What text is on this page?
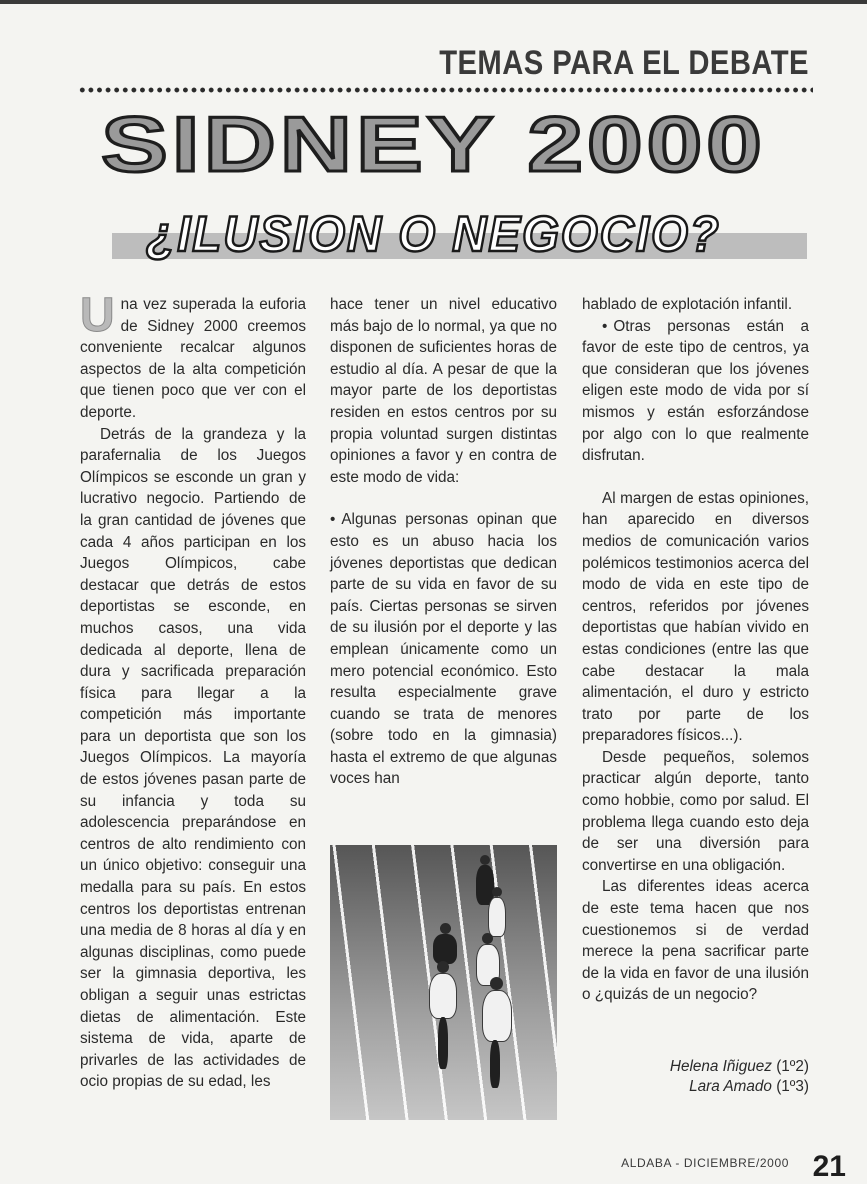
TEMAS PARA EL DEBATE
SIDNEY 2000
¿ILUSION O NEGOCIO?

Una vez superada la euforia de Sidney 2000 creemos conveniente recalcar algunos aspectos de la alta competición que tienen poco que ver con el deporte.

Detrás de la grandeza y la parafernalia de los Juegos Olímpicos se esconde un gran y lucrativo negocio. Partiendo de la gran cantidad de jóvenes que cada 4 años participan en los Juegos Olímpicos, cabe destacar que detrás de estos deportistas se esconde, en muchos casos, una vida dedicada al deporte, llena de dura y sacrificada preparación física para llegar a la competición más importante para un deportista que son los Juegos Olímpicos. La mayoría de estos jóvenes pasan parte de su infancia y toda su adolescencia preparándose en centros de alto rendimiento con un único objetivo: conseguir una medalla para su país. En estos centros los deportistas entrenan una media de 8 horas al día y en algunas disciplinas, como puede ser la gimnasia deportiva, les obligan a seguir unas estrictas dietas de alimentación. Este sistema de vida, aparte de privarles de las actividades de ocio propias de su edad, les

hace tener un nivel educativo más bajo de lo normal, ya que no disponen de suficientes horas de estudio al día. A pesar de que la mayor parte de los deportistas residen en estos centros por su propia voluntad surgen distintas opiniones a favor y en contra de este modo de vida:

• Algunas personas opinan que esto es un abuso hacia los jóvenes deportistas que dedican parte de su vida en favor de su país. Ciertas personas se sirven de su ilusión por el deporte y las emplean únicamente como un mero potencial económico. Esto resulta especialmente grave cuando se trata de menores (sobre todo en la gimnasia) hasta el extremo de que algunas voces han

hablado de explotación infantil.

• Otras personas están a favor de este tipo de centros, ya que consideran que los jóvenes eligen este modo de vida por sí mismos y están esforzándose por algo con lo que realmente disfrutan.

Al margen de estas opiniones, han aparecido en diversos medios de comunicación varios polémicos testimonios acerca del modo de vida en este tipo de centros, referidos por jóvenes deportistas que habían vivido en estas condiciones (entre las que cabe destacar la mala alimentación, el duro y estricto trato por parte de los preparadores físicos...).

Desde pequeños, solemos practicar algún deporte, tanto como hobbie, como por salud. El problema llega cuando esto deja de ser una diversión para convertirse en una obligación.

Las diferentes ideas acerca de este tema hacen que nos cuestionemos si de verdad merece la pena sacrificar parte de la vida en favor de una ilusión o ¿quizás de un negocio?

Helena Iñiguez (1º2)
Lara Amado (1º3)
ALDABA - DICIEMBRE/2000 21
